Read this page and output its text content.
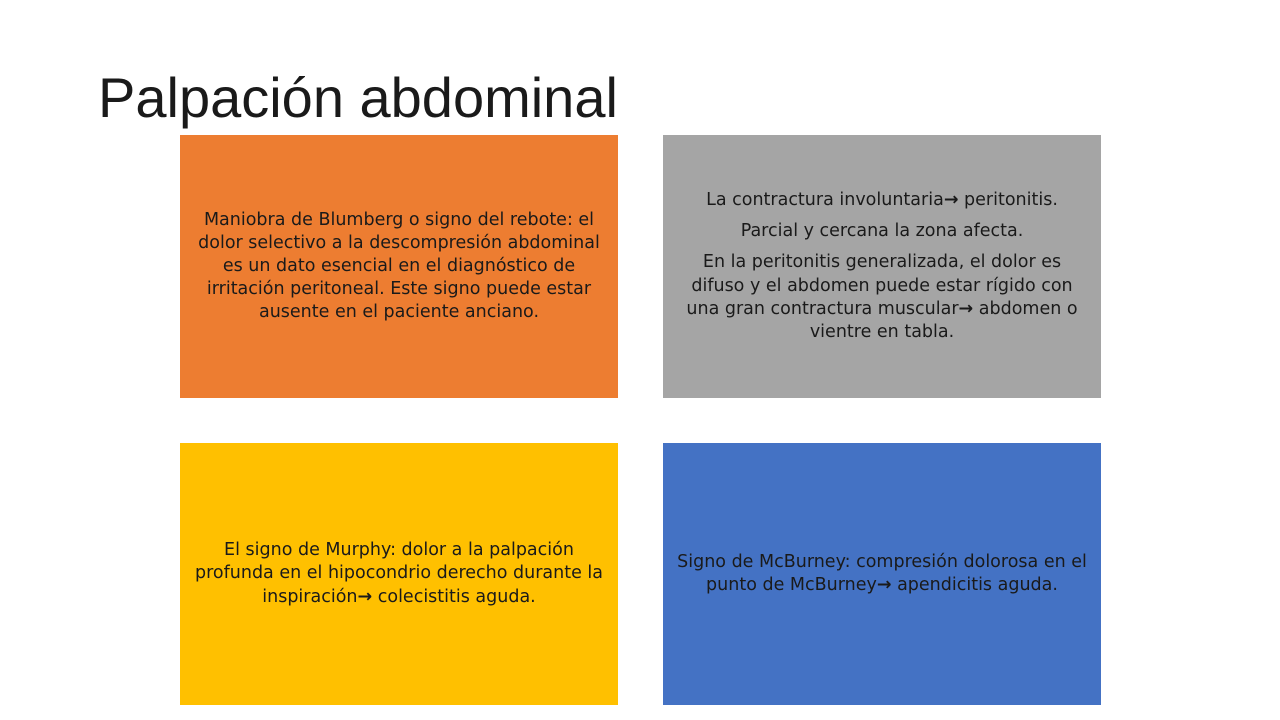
Palpación abdominal

Maniobra de Blumberg o signo del rebote: el dolor selectivo a la descompresión abdominal es un dato esencial en el diagnóstico de irritación peritoneal. Este signo puede estar ausente en el paciente anciano.

La contractura involuntaria→ peritonitis.

Parcial y cercana la zona afecta.

En la peritonitis generalizada, el dolor es difuso y el abdomen puede estar rígido con una gran contractura muscular→ abdomen o vientre en tabla.

El signo de Murphy: dolor a la palpación profunda en el hipocondrio derecho durante la inspiración→ colecistitis aguda.

Signo de McBurney: compresión dolorosa en el punto de McBurney→ apendicitis aguda.
